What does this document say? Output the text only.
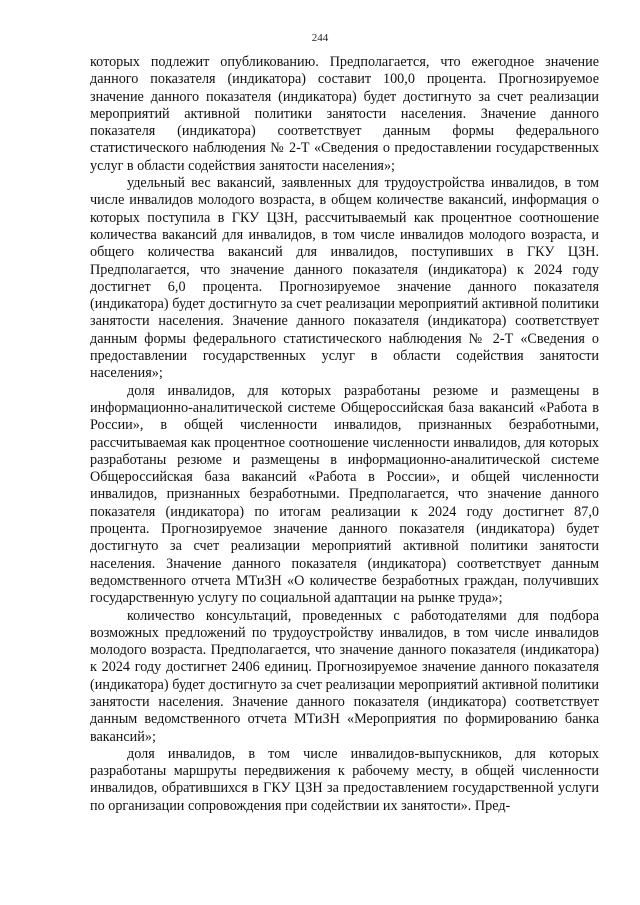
244

которых подлежит опубликованию. Предполагается, что ежегодное значение данного показателя (индикатора) составит 100,0 процента. Прогнозируемое значение данного показателя (индикатора) будет достигнуто за счет реализации мероприятий активной политики занятости населения. Значение данного показателя (индикатора) соответствует данным формы федерального статистического наблюдения № 2-Т «Сведения о предоставлении государственных услуг в области содействия занятости населения»;

удельный вес вакансий, заявленных для трудоустройства инвалидов, в том числе инвалидов молодого возраста, в общем количестве вакансий, информация о которых поступила в ГКУ ЦЗН, рассчитываемый как процентное соотношение количества вакансий для инвалидов, в том числе инвалидов молодого возраста, и общего количества вакансий для инвалидов, поступивших в ГКУ ЦЗН. Предполагается, что значение данного показателя (индикатора) к 2024 году достигнет 6,0 процента. Прогнозируемое значение данного показателя (индикатора) будет достигнуто за счет реализации мероприятий активной политики занятости населения. Значение данного показателя (индикатора) соответствует данным формы федерального статистического наблюдения № 2-Т «Сведения о предоставлении государственных услуг в области содействия занятости населения»;

доля инвалидов, для которых разработаны резюме и размещены в информационно-аналитической системе Общероссийская база вакансий «Работа в России», в общей численности инвалидов, признанных безработными, рассчитываемая как процентное соотношение численности инвалидов, для которых разработаны резюме и размещены в информационно-аналитической системе Общероссийская база вакансий «Работа в России», и общей численности инвалидов, признанных безработными. Предполагается, что значение данного показателя (индикатора) по итогам реализации к 2024 году достигнет 87,0 процента. Прогнозируемое значение данного показателя (индикатора) будет достигнуто за счет реализации мероприятий активной политики занятости населения. Значение данного показателя (индикатора) соответствует данным ведомственного отчета МТиЗН «О количестве безработных граждан, получивших государственную услугу по социальной адаптации на рынке труда»;

количество консультаций, проведенных с работодателями для подбора возможных предложений по трудоустройству инвалидов, в том числе инвалидов молодого возраста. Предполагается, что значение данного показателя (индикатора) к 2024 году достигнет 2406 единиц. Прогнозируемое значение данного показателя (индикатора) будет достигнуто за счет реализации мероприятий активной политики занятости населения. Значение данного показателя (индикатора) соответствует данным ведомственного отчета МТиЗН «Мероприятия по формированию банка вакансий»;

доля инвалидов, в том числе инвалидов-выпускников, для которых разработаны маршруты передвижения к рабочему месту, в общей численности инвалидов, обратившихся в ГКУ ЦЗН за предоставлением государственной услуги по организации сопровождения при содействии их занятости». Пред-
